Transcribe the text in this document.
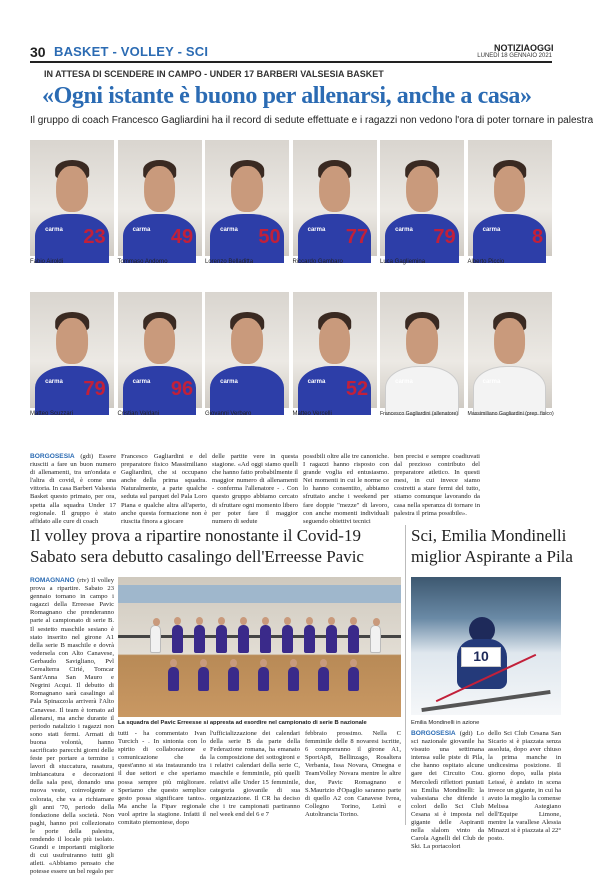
30 BASKET - VOLLEY - SCI	NOTIZIAOGGI
LUNEDÌ 18 GENNAIO 2021
IN ATTESA DI SCENDERE IN CAMPO - UNDER 17 BARBERI VALSESIA BASKET
«Ogni istante è buono per allenarsi, anche a casa»
Il gruppo di coach Francesco Gagliardini ha il record di sedute effettuate e i ragazzi non vedono l'ora di poter tornare in palestra
carma 23
Fabio Airoldi
carma 49
Tommaso Andorno
carma 50
Lorenzo Belladitta
carma 77
Riccardo Gambaro
carma 79
Luca Gagliemina
carma 8
Alberto Piccio
carma 79
Matteo Scuzzari
carma 96
Cristian Valdani
carma
Giovanni Verbaro
carma 52
Matteo Vercelli
carma
Francesco Gagliardini (allenatore)
carma
Massimiliano Gagliardini (prep. fisico)
BORGOSESIA (gdi) Essere riusciti a fare un buon numero di allenamenti, tra un'ondata e l'altra di covid, è come una vittoria. In casa Barberi Valsesia Basket questo primato, per ora, spetta alla squadra Under 17 regionale. Il gruppo è stato affidato alle cure di coach
Francesco Gagliardini e del preparatore fisico Massimiliano Gagliardini, che si occupano anche della prima squadra. Naturalmente, a parte qualche seduta sul parquet del Pala Loro Piana e qualche altra all'aperto, anche questa formazione non è riuscita finora a giocare
delle partite vere in questa stagione. «Ad oggi siamo quelli che hanno fatto probabilmente il maggior numero di allenamenti - conferma l'allenatore - . Con questo gruppo abbiamo cercato di sfruttare ogni momento libero per poter fare il maggior numero di sedute
possibili oltre alle tre canoniche. I ragazzi hanno risposto con grande voglia ed entusiasmo. Nei momenti in cui le norme ce lo hanno consentito, abbiamo sfruttato anche i weekend per fare doppie "mezze" di lavoro, con anche momenti individuali seguendo obiettivi tecnici
ben precisi e sempre coadiuvati dal prezioso contributo del preparatore atletico. In questi mesi, in cui invece siamo costretti a stare fermi del tutto, stiamo comunque lavorando da casa nella speranza di tornare in palestra il prima possibile».
Il volley prova a ripartire nonostante il Covid-19
Sabato sera debutto casalingo dell'Erreesse Pavic
Sci, Emilia Mondinelli
miglior Aspirante a Pila
ROMAGNANO (rtv) Il volley prova a ripartire. Sabato 23 gennaio tornano in campo i ragazzi della Erreesse Pavic Romagnano che prenderanno parte al campionato di serie B. Il sestetto maschile sesiano è stato inserito nel girone A1 della serie B maschile e dovrà vedersela con Alto Canavese, Gerbaudo Savigliano, Pvl Cerealterra Cirié, Tomcar Sant'Anna San Mauro e Negrini Acqui. Il debutto di Romagnano sarà casalingo al Pala Spinazzola arriverà l'Alto Canavese. Il team è tornato ad allenarsi, ma anche durante il periodo natalizio i ragazzi non sono stati fermi. Armati di buona volontà, hanno sacrificato parecchi giorni delle feste per portare a termine i lavori di stuccatura, rasatura, imbiancatura e decorazioni della sala pesi, donando una nuova veste, coinvolgente e colorata, che va a richiamare gli anni '70, periodo della fondazione della società. Non paghi, hanno poi collezionato le porte della palestra, rendendo il locale più isolato. Grandi e importanti migliorie di cui usufruiranno tutti gli atleti. «Abbiamo pensato che potesse essere un bel regalo per
La squadra del Pavic Erreesse si appresta ad esordire nel campionato di serie B nazionale
tutti - ha commentato Ivan Turcich - . In sintonia con lo spirito di collaborazione e comunicazione che da quest'anno si sta instaurando tra il due settori e che speriamo possa sempre più migliorare. Speriamo che questo semplice gesto possa significare tanto». Ma anche la Fipav regionale vuol aprire la stagione. Infatti il comitato piemontese, dopo
l'ufficializzazione dei calendari della serie B da parte della Federazione romana, ha emanato la composizione dei sottogironi e i relativi calendari della serie C, maschile e femminile, più quelli relativi alle Under 15 femminile, categoria giovanile di sua organizzazione. Il CR ha deciso che i tre campionati partiranno nel week end del 6 e 7
febbraio prossimo. Nella C femminile delle 8 novaresi iscritte, 6 comporranno il girone A1, SportAp8, Bellinzago, Rosaltera Verbania, Issa Novara, Omegna e TeamVolley Novara mentre le altre due, Pavic Romagnano e S.Maurizio d'Opaglio saranno parte di quello A2 con Canavese Ivrea, Collegno Torino, Leinì e Autoltrancia Torino.
10
Emilia Mondinelli in azione
BORGOSESIA (gdi) Lo sci nazionale giovanile ha vissuto una settimana intensa sulle piste di Pila, che hanno ospitato alcune gare dei Circuito Cou. Mercoledì riflettori puntati su Emilia Mondinelli: la valsesiana che difende i colori dello Sci Club Cesana si è imposta nel gigante delle Aspiranti nella slalom vinto da Carola Agnelli del Club de Ski. La portacolori
dello Sci Club Cesana San Sicario si è piazzata senza assoluta, dopo aver chiuso la prima manche in undicesima posizione. Il giorno dopo, sulla pista Leissé, è andato in scena invece un gigante, in cui ha avuto la meglio la comense Melissa Astegiano dell'Equipe Limone, mentre la varallese Alessia Minazzi si è piazzata al 22° posto.
